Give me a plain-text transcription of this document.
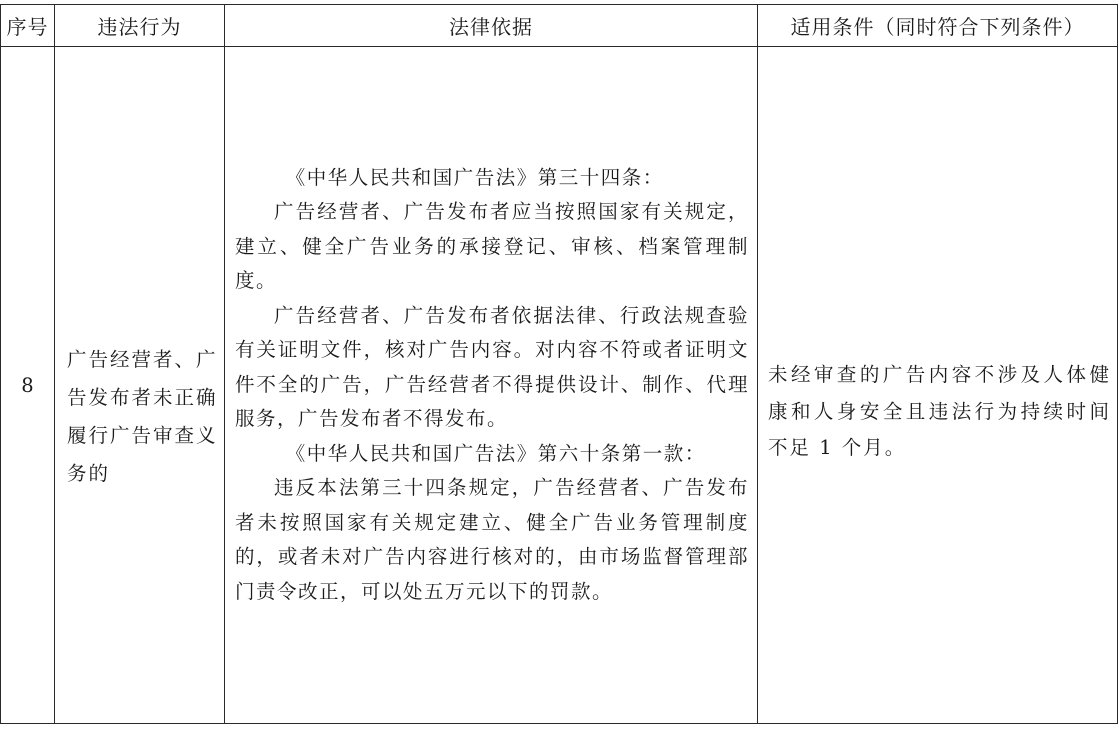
序号	违法行为	法律依据	适用条件（同时符合下列条件）
8	广告经营者、广告发布者未正确履行广告审查义务的	《中华人民共和国广告法》第三十四条：

广告经营者、广告发布者应当按照国家有关规定，建立、健全广告业务的承接登记、审核、档案管理制度。

广告经营者、广告发布者依据法律、行政法规查验有关证明文件，核对广告内容。对内容不符或者证明文件不全的广告，广告经营者不得提供设计、制作、代理服务，广告发布者不得发布。

《中华人民共和国广告法》第六十条第一款：

违反本法第三十四条规定，广告经营者、广告发布者未按照国家有关规定建立、健全广告业务管理制度的，或者未对广告内容进行核对的，由市场监督管理部门责令改正，可以处五万元以下的罚款。	未经审查的广告内容不涉及人体健康和人身安全且违法行为持续时间不足 1 个月。
